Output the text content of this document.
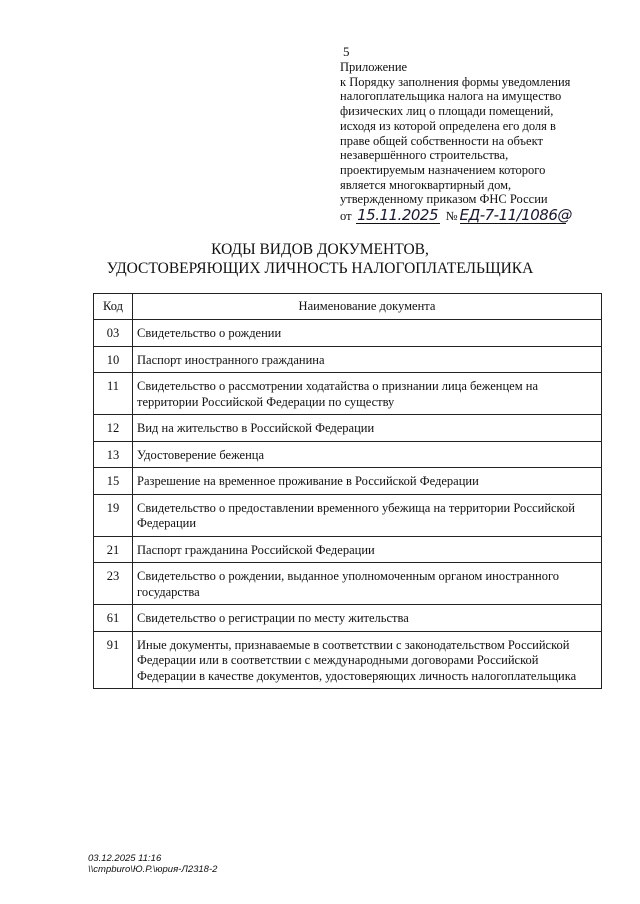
5
Приложение
к Порядку заполнения формы уведомления
налогоплательщика налога на имущество
физических лиц о площади помещений,
исходя из которой определена его доля в
праве общей собственности на объект
незавершённого строительства,
проектируемым назначением которого
является многоквартирный дом,
утвержденному приказом ФНС России
от 15.11.2025 № ЕД-7-11/1086@
КОДЫ ВИДОВ ДОКУМЕНТОВ,
УДОСТОВЕРЯЮЩИХ ЛИЧНОСТЬ НАЛОГОПЛАТЕЛЬЩИКА
Код	Наименование документа
03	Свидетельство о рождении
10	Паспорт иностранного гражданина
11	Свидетельство о рассмотрении ходатайства о признании лица беженцем на территории Российской Федерации по существу
12	Вид на жительство в Российской Федерации
13	Удостоверение беженца
15	Разрешение на временное проживание в Российской Федерации
19	Свидетельство о предоставлении временного убежища на территории Российской Федерации
21	Паспорт гражданина Российской Федерации
23	Свидетельство о рождении, выданное уполномоченным органом иностранного государства
61	Свидетельство о регистрации по месту жительства
91	Иные документы, признаваемые в соответствии с законодательством Российской Федерации или в соответствии с международными договорами Российской Федерации в качестве документов, удостоверяющих личность налогоплательщика
03.12.2025 11:16
\\cmpburo\Ю.Р.\юрия-Л2318-2
